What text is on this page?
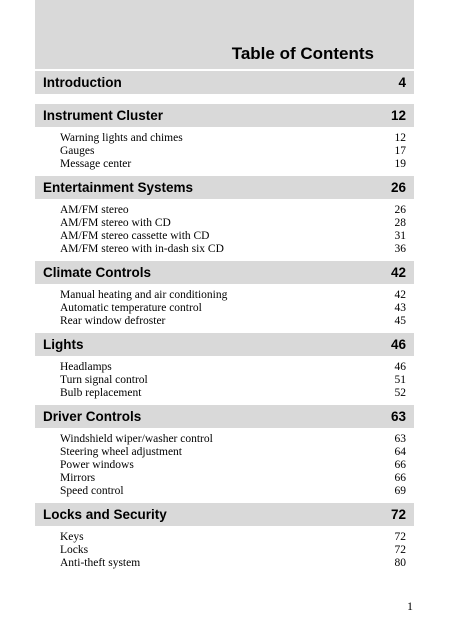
Table of Contents
Introduction	4
Instrument Cluster	12
Warning lights and chimes	12
Gauges	17
Message center	19
Entertainment Systems	26
AM/FM stereo	26
AM/FM stereo with CD	28
AM/FM stereo cassette with CD	31
AM/FM stereo with in-dash six CD	36
Climate Controls	42
Manual heating and air conditioning	42
Automatic temperature control	43
Rear window defroster	45
Lights	46
Headlamps	46
Turn signal control	51
Bulb replacement	52
Driver Controls	63
Windshield wiper/washer control	63
Steering wheel adjustment	64
Power windows	66
Mirrors	66
Speed control	69
Locks and Security	72
Keys	72
Locks	72
Anti-theft system	80
1
